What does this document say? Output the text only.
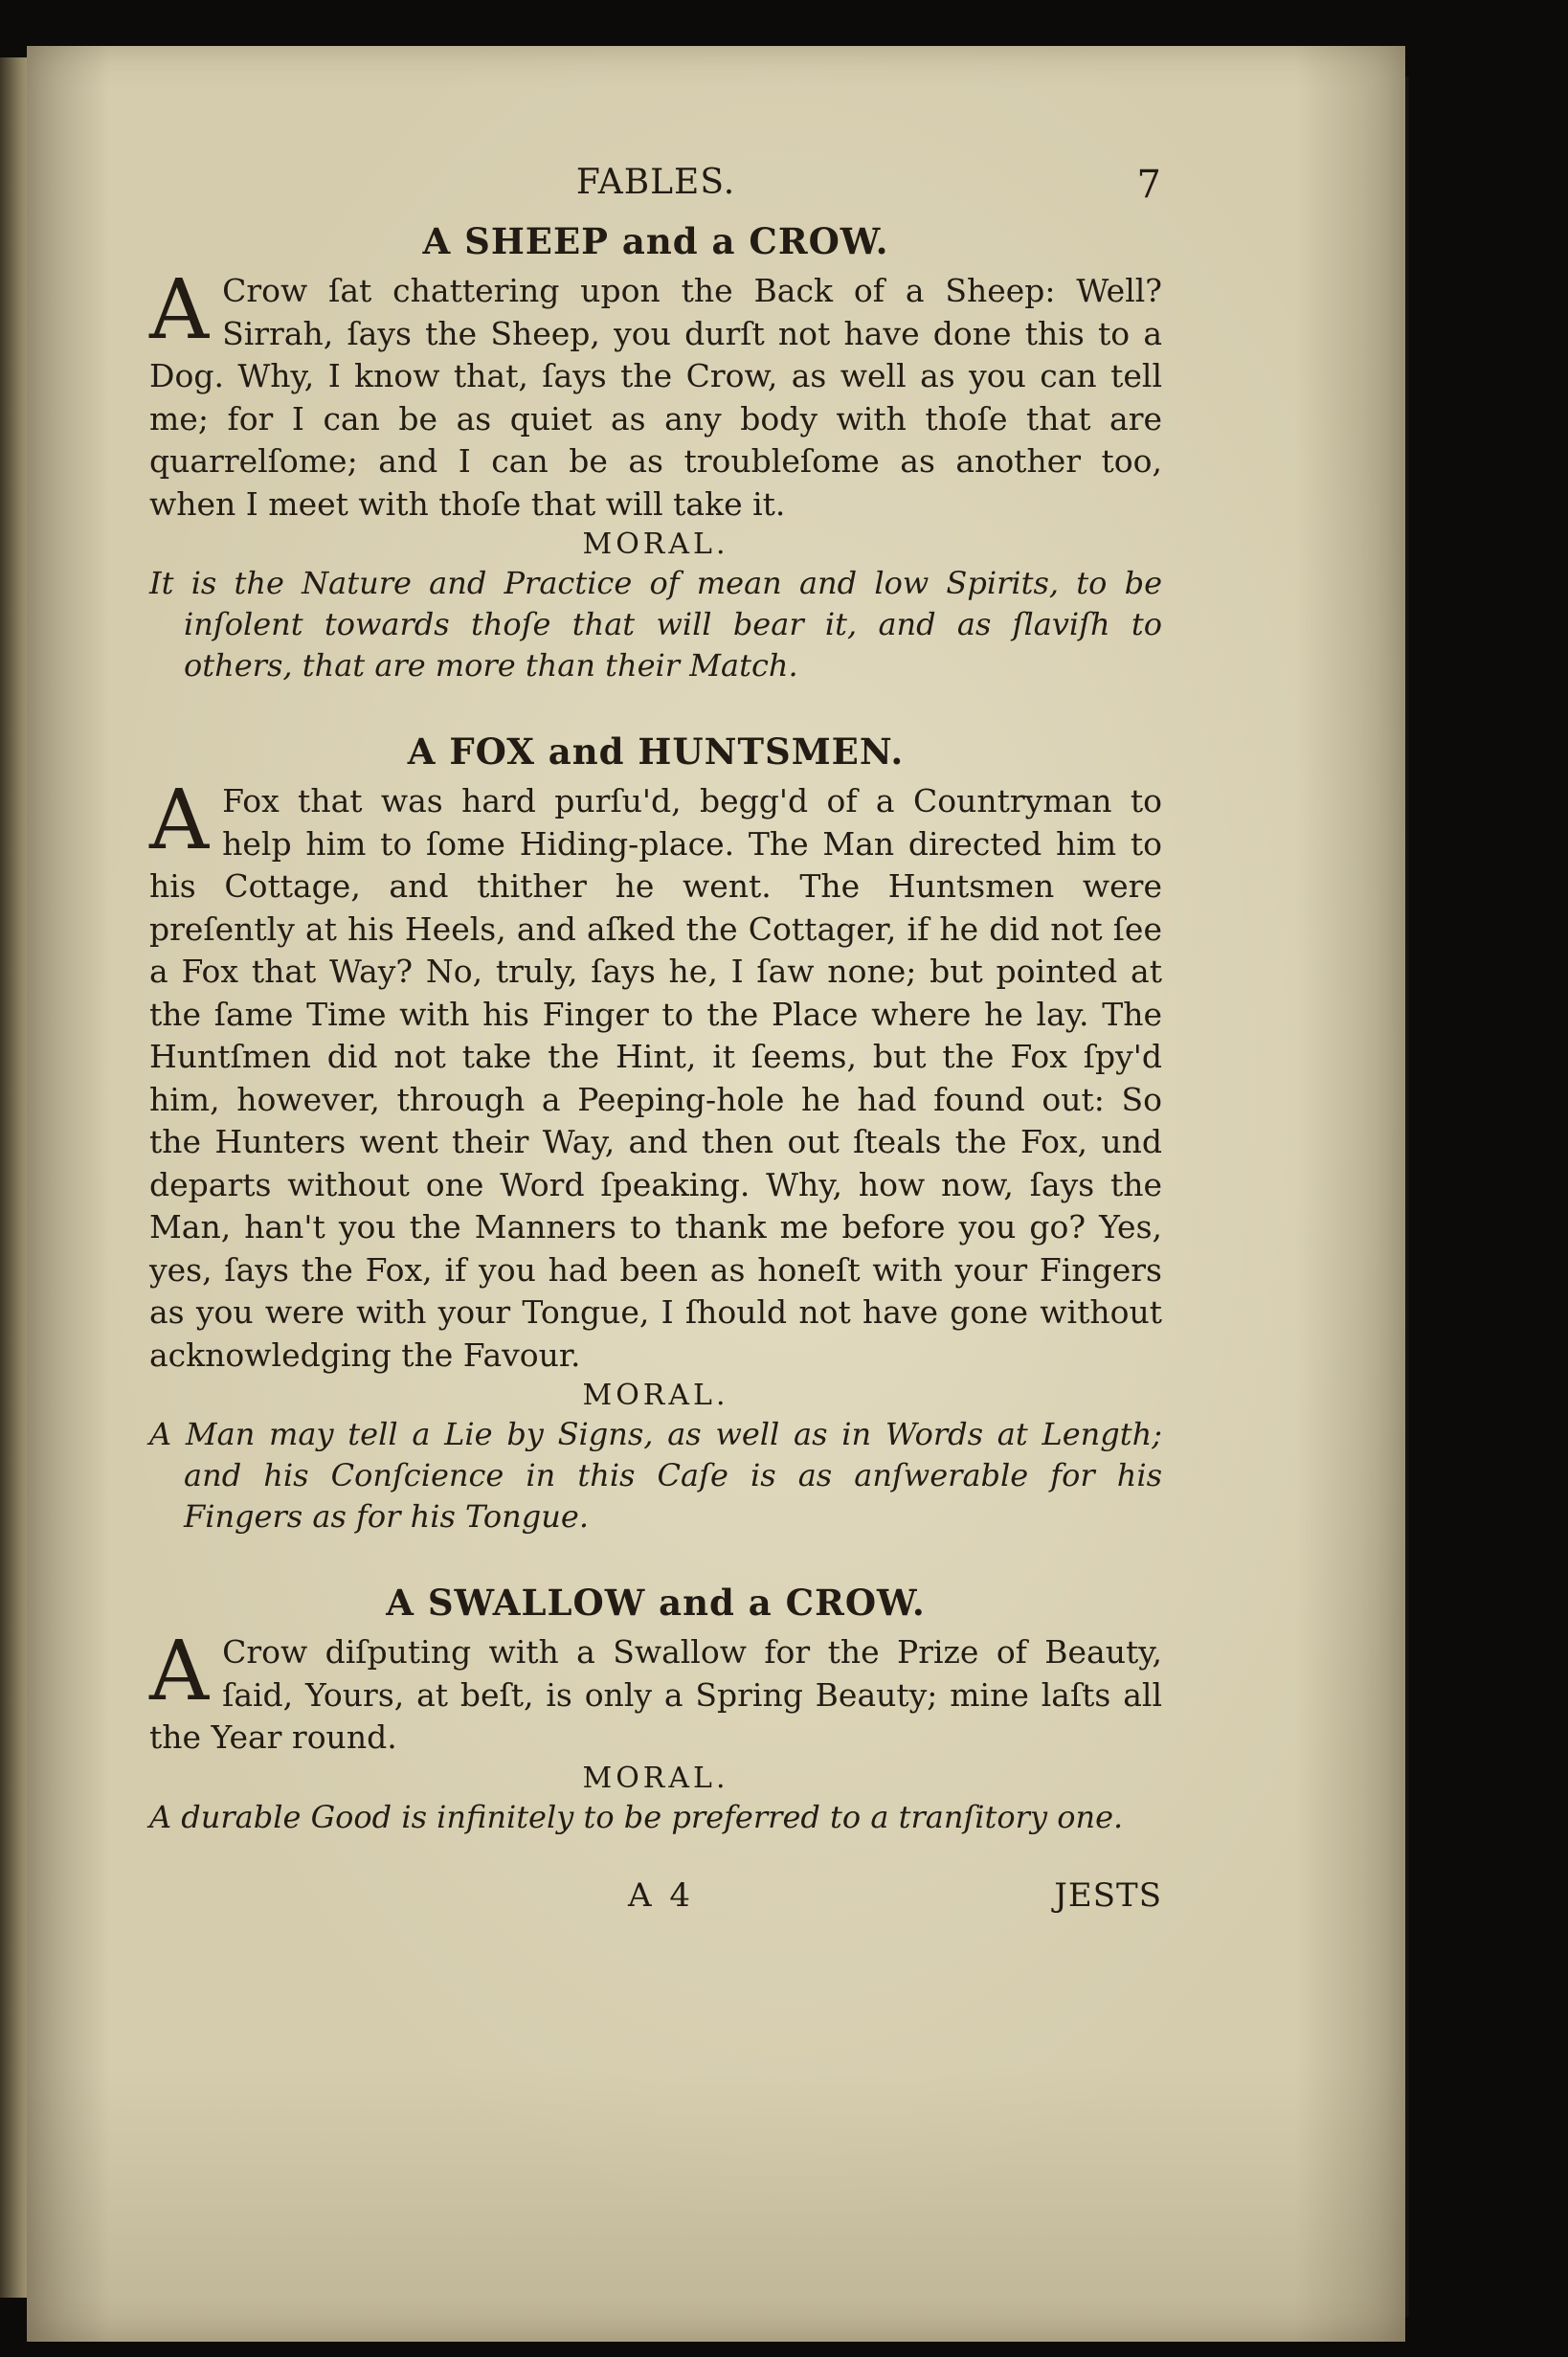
FABLES.	7
A SHEEP and a CROW.

A Crow ſat chattering upon the Back of a Sheep: Well? Sirrah, ſays the Sheep, you durſt not have done this to a Dog. Why, I know that, ſays the Crow, as well as you can tell me; for I can be as quiet as any body with thoſe that are quarrelſome; and I can be as troubleſome as another too, when I meet with thoſe that will take it.

MORAL.

It is the Nature and Practice of mean and low Spirits, to be inſolent towards thoſe that will bear it, and as ſlaviſh to others, that are more than their Match.

A FOX and HUNTSMEN.

A Fox that was hard purſu'd, begg'd of a Countryman to help him to ſome Hiding-place. The Man directed him to his Cottage, and thither he went. The Huntsmen were preſently at his Heels, and aſked the Cottager, if he did not ſee a Fox that Way? No, truly, ſays he, I ſaw none; but pointed at the ſame Time with his Finger to the Place where he lay. The Huntſmen did not take the Hint, it ſeems, but the Fox ſpy'd him, however, through a Peeping-hole he had found out: So the Hunters went their Way, and then out ſteals the Fox, und departs without one Word ſpeaking. Why, how now, ſays the Man, han't you the Manners to thank me before you go? Yes, yes, ſays the Fox, if you had been as honeſt with your Fingers as you were with your Tongue, I ſhould not have gone without acknowledging the Favour.

MORAL.

A Man may tell a Lie by Signs, as well as in Words at Length; and his Conſcience in this Caſe is as anſwerable for his Fingers as for his Tongue.

A SWALLOW and a CROW.

A Crow diſputing with a Swallow for the Prize of Beauty, ſaid, Yours, at beſt, is only a Spring Beauty; mine laſts all the Year round.

MORAL.

A durable Good is infinitely to be preferred to a tranſitory one.

A 4	JESTS
